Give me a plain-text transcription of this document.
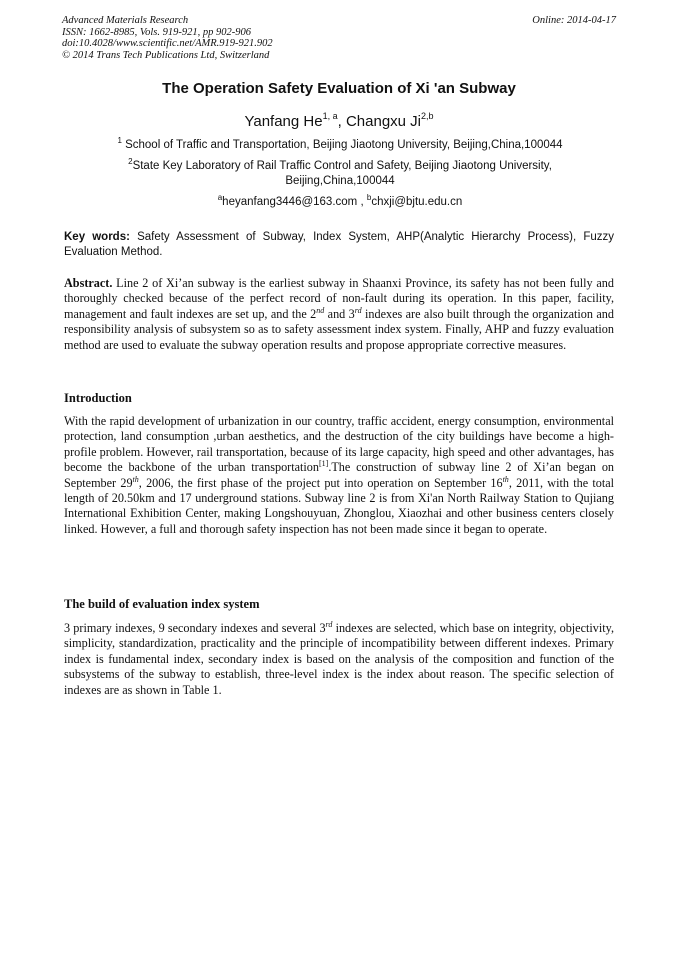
Advanced Materials Research
ISSN: 1662-8985, Vols. 919-921, pp 902-906
doi:10.4028/www.scientific.net/AMR.919-921.902
© 2014 Trans Tech Publications Ltd, Switzerland
Online: 2014-04-17
The Operation Safety Evaluation of Xi 'an Subway
Yanfang He$^{1, a}$, Changxu Ji$^{2,b}$
$^1$ School of Traffic and Transportation, Beijing Jiaotong University, Beijing,China,100044
$^2$State Key Laboratory of Rail Traffic Control and Safety, Beijing Jiaotong University, Beijing,China,100044
$^a$heyanfang3446@163.com , $^b$chxji@bjtu.edu.cn
Key words: Safety Assessment of Subway, Index System, AHP(Analytic Hierarchy Process), Fuzzy Evaluation Method.
Abstract. Line 2 of Xi’an subway is the earliest subway in Shaanxi Province, its safety has not been fully and thoroughly checked because of the perfect record of non-fault during its operation. In this paper, facility, management and fault indexes are set up, and the 2nd and 3rd indexes are also built through the organization and responsibility analysis of subsystem so as to safety assessment index system. Finally, AHP and fuzzy evaluation method are used to evaluate the subway operation results and propose appropriate corrective measures.
Introduction
With the rapid development of urbanization in our country, traffic accident, energy consumption, environmental protection, land consumption ,urban aesthetics, and the destruction of the city buildings have become a high-profile problem. However, rail transportation, because of its large capacity, high speed and other advantages, has become the backbone of the urban transportation[1].The construction of subway line 2 of Xi’an began on September 29th, 2006, the first phase of the project put into operation on September 16th, 2011, with the total length of 20.50km and 17 underground stations. Subway line 2 is from Xi'an North Railway Station to Qujiang International Exhibition Center, making Longshouyuan, Zhonglou, Xiaozhai and other business centers closely linked. However, a full and thorough safety inspection has not been made since it began to operate.
The build of evaluation index system
3 primary indexes, 9 secondary indexes and several 3rd indexes are selected, which base on integrity, objectivity, simplicity, standardization, practicality and the principle of incompatibility between different indexes. Primary index is fundamental index, secondary index is based on the analysis of the composition and function of the subsystems of the subway to establish, three-level index is the index about reason. The specific selection of indexes are as shown in Table 1.
